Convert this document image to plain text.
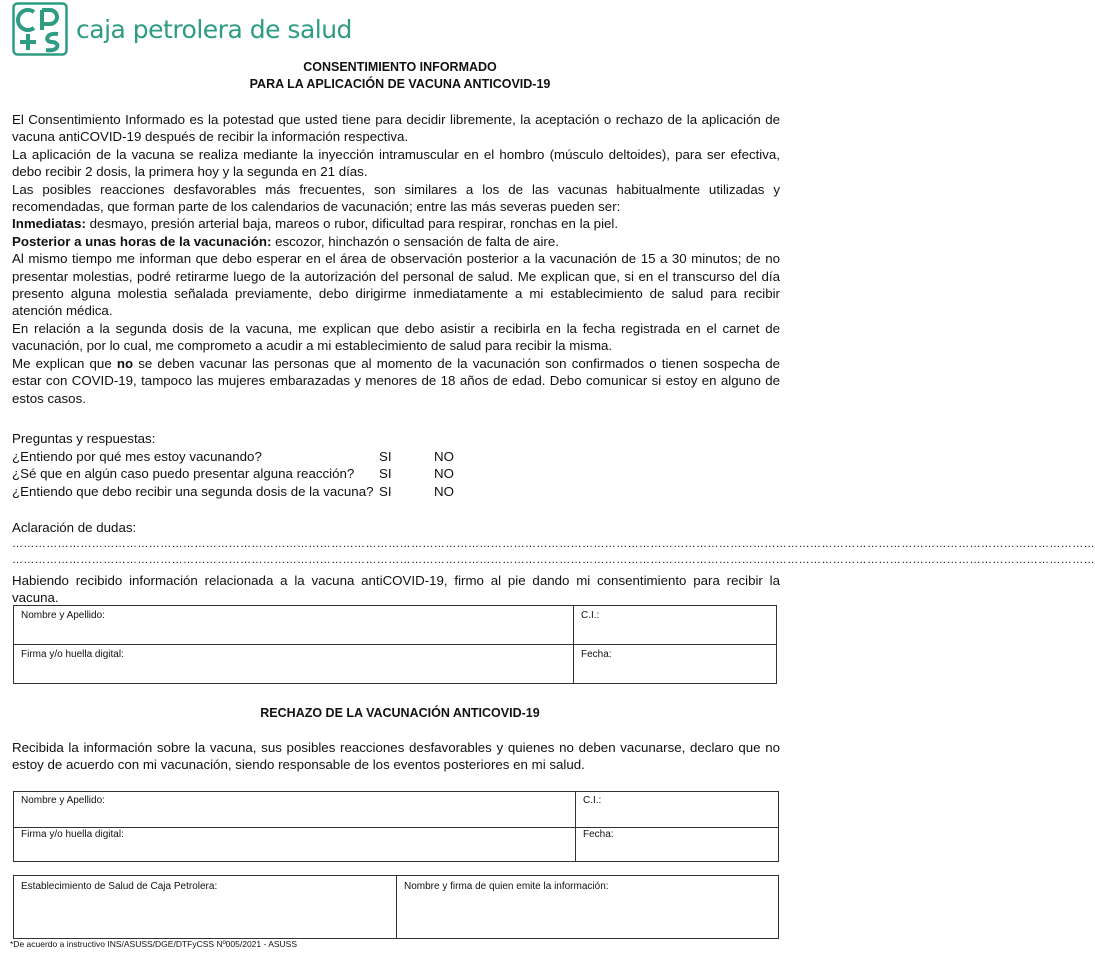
caja petrolera de salud
CONSENTIMIENTO INFORMADO
PARA LA APLICACIÓN DE VACUNA ANTICOVID-19

El Consentimiento Informado es la potestad que usted tiene para decidir libremente, la aceptación o rechazo de la aplicación de vacuna antiCOVID-19 después de recibir la información respectiva.

La aplicación de la vacuna se realiza mediante la inyección intramuscular en el hombro (músculo deltoides), para ser efectiva, debo recibir 2 dosis, la primera hoy y la segunda en 21 días.

Las posibles reacciones desfavorables más frecuentes, son similares a los de las vacunas habitualmente utilizadas y recomendadas, que forman parte de los calendarios de vacunación; entre las más severas pueden ser:

Inmediatas: desmayo, presión arterial baja, mareos o rubor, dificultad para respirar, ronchas en la piel.

Posterior a unas horas de la vacunación: escozor, hinchazón o sensación de falta de aire.

Al mismo tiempo me informan que debo esperar en el área de observación posterior a la vacunación de 15 a 30 minutos; de no presentar molestias, podré retirarme luego de la autorización del personal de salud. Me explican que, si en el transcurso del día presento alguna molestia señalada previamente, debo dirigirme inmediatamente a mi establecimiento de salud para recibir atención médica.

En relación a la segunda dosis de la vacuna, me explican que debo asistir a recibirla en la fecha registrada en el carnet de vacunación, por lo cual, me comprometo a acudir a mi establecimiento de salud para recibir la misma.

Me explican que no se deben vacunar las personas que al momento de la vacunación son confirmados o tienen sospecha de estar con COVID-19, tampoco las mujeres embarazadas y menores de 18 años de edad. Debo comunicar si estoy en alguno de estos casos.

Preguntas y respuestas:
¿Entiendo por qué mes estoy vacunando?	SI	NO
¿Sé que en algún caso puedo presentar alguna reacción?	SI	NO
¿Entiendo que debo recibir una segunda dosis de la vacuna? SI	NO
Aclaración de dudas:
……………………………………………………………………………………………………………………………………………………………………………………………………………………………………………………………
……………………………………………………………………………………………………………………………………………………………………………………………………………………………………………………………
Habiendo recibido información relacionada a la vacuna antiCOVID-19, firmo al pie dando mi consentimiento para recibir la vacuna.
Nombre y Apellido:	C.I.:
Firma y/o huella digital:	Fecha:
RECHAZO DE LA VACUNACIÓN ANTICOVID-19
Recibida la información sobre la vacuna, sus posibles reacciones desfavorables y quienes no deben vacunarse, declaro que no estoy de acuerdo con mi vacunación, siendo responsable de los eventos posteriores en mi salud.
Nombre y Apellido:	C.I.:
Firma y/o huella digital:	Fecha:
Establecimiento de Salud de Caja Petrolera:	Nombre y firma de quien emite la información:
*De acuerdo a instructivo INS/ASUSS/DGE/DTFyCSS Nº005/2021 - ASUSS
